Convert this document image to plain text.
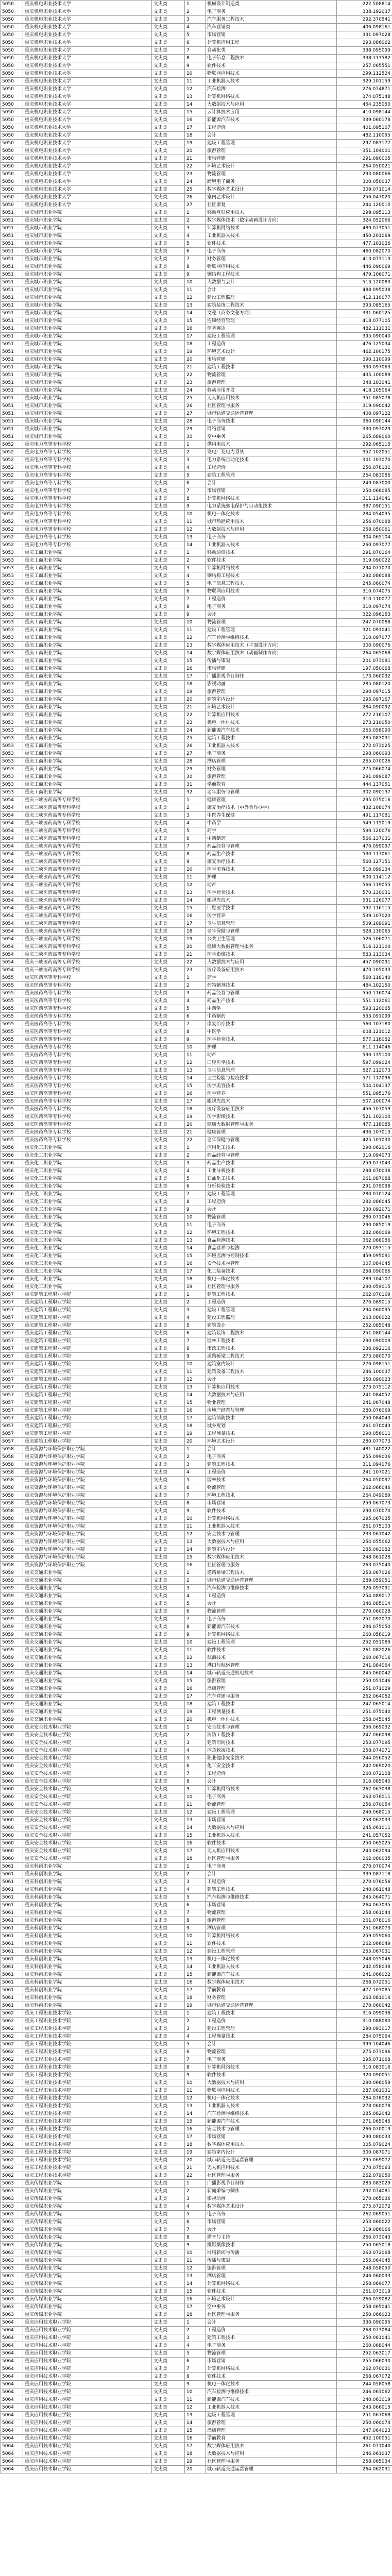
5050	重庆机电职业技术大学	文史类	1	机械设计制造类	222.508814
5050	重庆机电职业技术大学	文史类	2	电子商务	338.192037
5050	重庆机电职业技术大学	文史类	3	汽车服务工程技术	292.370541
5050	重庆机电职业技术大学	文史类	4	汽车营销类	406.098161
5050	重庆机电职业技术大学	文史类	5	市场营销	331.097028
5050	重庆机电职业技术大学	文史类	6	计算机应用工程	293.086062
5050	重庆机电职业技术大学	文史类	7	自动化类	338.095099
5050	重庆机电职业技术大学	文史类	8	电子信息工程技术	338.113582
5050	重庆机电职业技术大学	文史类	9	软件技术	257.065551
5050	重庆机电职业技术大学	文史类	10	物联网应用技术	299.112524
5050	重庆机电职业技术大学	文史类	11	工业机器人技术	329.101159
5050	重庆机电职业技术大学	文史类	12	汽车检测	276.074871
5050	重庆机电职业技术大学	文史类	13	计算机网络技术	374.075148
5050	重庆机电职业技术大学	文史类	14	大数据技术与应用	454.235050
5050	重庆机电职业技术大学	文史类	15	云计算技术应用	410.098144
5050	重庆机电职业技术大学	文史类	16	新能源汽车技术	339.060178
5050	重庆机电职业技术大学	文史类	17	工程造价	401.095107
5050	重庆机电职业技术大学	文史类	18	会计	482.110095
5050	重庆机电职业技术大学	文史类	19	建设工程管理	297.083177
5050	重庆机电职业技术大学	文史类	20	旅游管理	351.104001
5050	重庆机电职业技术大学	文史类	21	市场营销	291.090005
5050	重庆机电职业技术大学	文史类	22	环境艺术设计	264.050021
5050	重庆机电职业技术大学	文史类	23	物流管理	293.080066
5050	重庆机电职业技术大学	文史类	24	跨境电子商务	300.050037
5050	重庆机电职业技术大学	文史类	25	数字媒体艺术设计	309.071014
5050	重庆机电职业技术大学	文史类	26	室内艺术设计	256.047020
5050	重庆机电职业技术大学	文史类	27	社区康复	244.120010
5051	重庆城市职业学院	文史类	1	移动互联应用技术	299.095113
5051	重庆城市职业学院	文史类	2	数字媒体技术（数字动画设计方向）	324.052066
5051	重庆城市职业学院	文史类	3	计算机网络技术	489.073051
5051	重庆城市职业学院	文史类	4	工业机器人技术	450.201069
5051	重庆城市职业学院	文史类	5	软件技术	477.101026
5051	重庆城市职业学院	文史类	6	电子商务	460.082070
5051	重庆城市职业学院	文史类	7	财务管理	413.073113
5051	重庆城市职业学院	文史类	8	物联网应用技术	446.090069
5051	重庆城市职业学院	文史类	9	钢结构工程技术	479.106071
5051	重庆城市职业学院	文史类	10	大数据与会计	513.120083
5051	重庆城市职业学院	文史类	11	会计	488.095038
5051	重庆城市职业学院	文史类	12	建设工程监理	412.110077
5051	重庆城市职业学院	文史类	13	建筑装饰工程技术	393.085165
5051	重庆城市职业学院	文史类	14	文秘（商务文秘方向）	331.060125
5051	重庆城市职业学院	文史类	15	连锁经营管理	418.077105
5051	重庆城市职业学院	文史类	16	商务英语	482.111031
5051	重庆城市职业学院	文史类	17	建设工程管理	395.090040
5051	重庆城市职业学院	文史类	18	工程造价	476.125034
5051	重庆城市职业学院	文史类	19	环境艺术设计	462.100175
5051	重庆城市职业学院	文史类	20	市场营销	390.110099
5051	重庆城市职业学院	文史类	21	建筑工程技术	330.097063
5051	重庆城市职业学院	文史类	22	物流管理	435.100089
5051	重庆城市职业学院	文史类	23	旅游管理	348.103041
5051	重庆城市职业学院	文史类	24	移动应用开发	418.105064
5051	重庆城市职业学院	文史类	25	无人机应用技术	351.085078
5051	重庆城市职业学院	文史类	26	社区管理与服务	319.090042
5051	重庆城市职业学院	文史类	27	城市轨道交通运营管理	400.097122
5051	重庆城市职业学院	文史类	28	电子商务技术	360.090144
5051	重庆城市职业学院	文史类	29	网络营销	330.097029
5051	重庆城市职业学院	文史类	30	空中乘务	265.089060
5052	重庆电力高等专科学校	文史类	1	供用电技术	292.065115
5052	重庆电力高等专科学校	文史类	2	发电厂及电力系统	357.102051
5052	重庆电力高等专科学校	文史类	3	电力系统自动化技术	301.103070
5052	重庆电力高等专科学校	文史类	4	工程造价	256.078131
5052	重庆电力高等专科学校	文史类	5	建筑工程管理	264.083086
5052	重庆电力高等专科学校	文史类	6	会计	249.087000
5052	重庆电力高等专科学校	文史类	7	市场营销	250.068085
5052	重庆电力高等专科学校	文史类	8	计算机网络技术	311.114041
5052	重庆电力高等专科学校	文史类	9	电力系统继电保护与自动化技术	387.090151
5052	重庆电力高等专科学校	文史类	10	机电一体化技术	284.054035
5052	重庆电力高等专科学校	文史类	11	城市热能应用技术	256.070088
5052	重庆电力高等专科学校	文史类	12	大数据技术与应用	258.050061
5052	重庆电力高等专科学校	文史类	13	电子商务	304.065104
5052	重庆电力高等专科学校	文史类	14	工业机器人技术	260.097077
5053	重庆工商职业学院	文史类	1	移动通信技术	291.070164
5053	重庆工商职业学院	文史类	2	软件技术	319.090022
5053	重庆工商职业学院	文史类	3	计算机网络技术	294.071070
5053	重庆工商职业学院	文史类	4	钢结构工程技术	292.086088
5053	重庆工商职业学院	文史类	5	电子信息工程技术	245.060074
5053	重庆工商职业学院	文史类	6	物联网应用技术	310.074075
5053	重庆工商职业学院	文史类	7	工程造价	310.110077
5053	重庆工商职业学院	文史类	8	电子商务	310.097074
5053	重庆工商职业学院	文史类	9	会计	322.096153
5053	重庆工商职业学院	文史类	10	物流管理	247.070088
5053	重庆工商职业学院	文史类	11	建设工程管理	321.091041
5053	重庆工商职业学院	文史类	12	汽车检测与维修技术	310.097077
5053	重庆工商职业学院	文史类	13	数字媒体应用技术（平面设计方向）	300.090076
5053	重庆工商职业学院	文史类	14	数字媒体应用技术（动画制作方向）	264.065068
5053	重庆工商职业学院	文史类	15	传播与策划	201.073081
5053	重庆工商职业学院	文史类	16	市场营销	197.050068
5053	重庆工商职业学院	文史类	17	广播影视节目制作	173.060032
5053	重庆工商职业学院	文史类	18	影视动画	285.080120
5053	重庆工商职业学院	文史类	19	旅游管理	290.097015
5053	重庆工商职业学院	文史类	20	建筑室内设计	295.097167
5053	重庆工商职业学院	文史类	21	环境艺术设计	284.090092
5053	重庆工商职业学院	文史类	22	计算机应用技术	272.216107
5053	重庆工商职业学院	文史类	23	机电一体化技术	273.210050
5053	重庆工商职业学院	文史类	24	新能源汽车技术	265.058090
5053	重庆工商职业学院	文史类	25	建筑工程技术	285.083031
5053	重庆工商职业学院	文史类	26	工业机器人技术	272.073025
5053	重庆工商职业学院	文史类	27	电子商务	298.060093
5053	重庆工商职业学院	文史类	28	酒店管理	265.070026
5053	重庆工商职业学院	文史类	29	财务管理	275.066074
5053	重庆工商职业学院	文史类	30	旅游管理	291.089087
5053	重庆工商职业学院	文史类	31	学前教育	444.137051
5053	重庆工商职业学院	文史类	32	老年服务与管理	302.090137
5054	重庆三峡医药高等专科学校	文史类	1	健康管理	295.075016
5054	重庆三峡医药高等专科学校	文史类	2	康复治疗技术（中外合作办学）	432.108074
5054	重庆三峡医药高等专科学校	文史类	3	中医养生保健	491.117081
5054	重庆三峡医药高等专科学校	文史类	4	中药学	549.115019
5054	重庆三峡医药高等专科学校	文史类	5	药学	590.120076
5054	重庆三峡医药高等专科学校	文史类	6	中药制药	566.137031
5054	重庆三峡医药高等专科学校	文史类	7	药品经营与管理	476.099097
5054	重庆三峡医药高等专科学校	文史类	8	药品生产技术	530.117061
5054	重庆三峡医药高等专科学校	文史类	9	康复治疗技术	560.127151
5054	重庆三峡医药高等专科学校	文史类	10	医学美容技术	510.099134
5054	重庆三峡医药高等专科学校	文史类	11	护理	600.114112
5054	重庆三峡医药高等专科学校	文史类	12	助产	566.119055
5054	重庆三峡医药高等专科学校	文史类	13	医学检验技术	570.130031
5054	重庆三峡医药高等专科学校	文史类	14	眼视光技术	531.126077
5054	重庆三峡医药高等专科学校	文史类	15	口腔医学技术	592.116115
5054	重庆三峡医药高等专科学校	文史类	16	医学营养	539.107020
5054	重庆三峡医药高等专科学校	文史类	17	卫生信息管理	509.109091
5054	重庆三峡医药高等专科学校	文史类	18	老年保健与管理	528.130065
5054	重庆三峡医药高等专科学校	文史类	19	公共卫生管理	526.106071
5054	重庆三峡医药高等专科学校	文史类	20	健康大数据管理与服务	516.121100
5054	重庆三峡医药高等专科学校	文史类	21	医学影像技术	583.113034
5054	重庆三峡医药高等专科学校	文史类	22	大数据技术与应用	457.090091
5054	重庆三峡医药高等专科学校	文史类	23	医疗设备应用技术	470.105033
5055	重庆医药高等专科学校	文史类	1	药学	560.118140
5055	重庆医药高等专科学校	文史类	2	药物制剂技术	484.102150
5055	重庆医药高等专科学校	文史类	3	药品经营与管理	550.116074
5055	重庆医药高等专科学校	文史类	4	药品生产技术	551.112061
5055	重庆医药高等专科学校	文史类	5	中药学	593.120065
5055	重庆医药高等专科学校	文史类	6	中药制药	533.091099
5055	重庆医药高等专科学校	文史类	7	康复治疗技术	560.107180
5055	重庆医药高等专科学校	文史类	8	中医学	608.121012
5055	重庆医药高等专科学校	文史类	9	医学检验技术	577.118082
5055	重庆医药高等专科学校	文史类	10	护理	611.114046
5055	重庆医药高等专科学校	文史类	11	助产	590.135100
5055	重庆医药高等专科学校	文史类	12	口腔医学技术	597.099024
5055	重庆医药高等专科学校	文史类	13	卫生信息管理	527.112073
5055	重庆医药高等专科学校	文史类	14	卫生检验与检疫技术	571.112096
5055	重庆医药高等专科学校	文史类	15	医学美容技术	504.104137
5055	重庆医药高等专科学校	文史类	16	医学营养	551.095176
5055	重庆医药高等专科学校	文史类	17	眼视光技术	507.100074
5055	重庆医药高等专科学校	文史类	18	医疗设备应用技术	456.107059
5055	重庆医药高等专科学校	文史类	19	医学影像技术	521.102100
5055	重庆医药高等专科学校	文史类	20	健康大数据管理与服务	477.118085
5055	重庆医药高等专科学校	文史类	21	健康管理	436.107013
5055	重庆医药高等专科学校	文史类	22	老年保健与管理	425.101030
5056	重庆化工职业学院	文史类	1	应用化工技术	290.062016
5056	重庆化工职业学院	文史类	2	药品经营与管理	310.094073
5056	重庆化工职业学院	文史类	3	药品生产技术	259.077043
5056	重庆化工职业学院	文史类	4	工业分析技术	298.070038
5056	重庆化工职业学院	文史类	5	石油化工技术	261.087088
5056	重庆化工职业学院	文史类	6	分析检验技术	291.079098
5056	重庆化工职业学院	文史类	7	建设工程管理	280.070124
5056	重庆化工职业学院	文史类	8	工程造价	282.086045
5056	重庆化工职业学院	文史类	9	会计	330.092071
5056	重庆化工职业学院	文史类	10	物流管理	280.071046
5056	重庆化工职业学院	文史类	11	电子商务	290.085019
5056	重庆化工职业学院	文史类	12	环境工程技术	282.060069
5056	重庆化工职业学院	文史类	13	食品检测技术	362.088086
5056	重庆化工职业学院	文史类	14	食品营养与检测	270.093115
5056	重庆化工职业学院	文史类	15	环境监测与控制技术	459.095091
5056	重庆化工职业学院	文史类	16	安全技术与管理	307.084045
5056	重庆化工职业学院	文史类	17	化工装备技术	258.090066
5056	重庆化工职业学院	文史类	18	机电一体化技术	289.104107
5056	重庆化工职业学院	文史类	19	社区管理与服务	290.059015
5057	重庆建筑工程职业学院	文史类	1	建筑工程技术	262.070109
5057	重庆建筑工程职业学院	文史类	2	工程造价	276.089015
5057	重庆建筑工程职业学院	文史类	3	建设工程管理	294.060095
5057	重庆建筑工程职业学院	文史类	4	建设工程监理	263.080022
5057	重庆建筑工程职业学院	文史类	5	建筑设计	252.085048
5057	重庆建筑工程职业学院	文史类	6	建筑装饰工程技术	251.080144
5057	重庆建筑工程职业学院	文史类	7	园林工程技术	290.090009
5057	重庆建筑工程职业学院	文史类	8	市政工程技术	236.092116
5057	重庆建筑工程职业学院	文史类	9	道路桥梁工程技术	273.080070
5057	重庆建筑工程职业学院	文史类	10	建筑室内设计	276.098151
5057	重庆建筑工程职业学院	文史类	11	建筑设备工程技术	246.100037
5057	重庆建筑工程职业学院	文史类	12	会计	350.090023
5057	重庆建筑工程职业学院	文史类	13	计算机应用技术	273.075112
5057	重庆建筑工程职业学院	文史类	14	大数据技术与应用	241.084052
5057	重庆建筑工程职业学院	文史类	15	物业管理	241.067048
5057	重庆建筑工程职业学院	文史类	16	房地产经营与管理	280.076069
5057	重庆建筑工程职业学院	文史类	17	建筑消防技术	250.084043
5057	重庆建筑工程职业学院	文史类	18	城乡规划	261.070043
5057	重庆建筑工程职业学院	文史类	19	工程测量技术	290.056011
5057	重庆建筑工程职业学院	文史类	20	环境艺术设计	280.077073
5058	重庆资源与环境保护职业学院	文史类	1	会计	481.140022
5058	重庆资源与环境保护职业学院	文史类	2	电子商务	255.099036
5058	重庆资源与环境保护职业学院	文史类	3	建筑工程技术	311.094076
5058	重庆资源与环境保护职业学院	文史类	4	工程造价	241.107021
5058	重庆资源与环境保护职业学院	文史类	5	园林技术	264.050097
5058	重庆资源与环境保护职业学院	文史类	6	物流管理	262.066046
5058	重庆资源与环境保护职业学院	文史类	7	环境工程技术	264.049089
5058	重庆资源与环境保护职业学院	文史类	8	市场营销	259.067073
5058	重庆资源与环境保护职业学院	文史类	9	软件技术	290.070070
5058	重庆资源与环境保护职业学院	文史类	10	计算机网络技术	295.067035
5058	重庆资源与环境保护职业学院	文史类	11	工业机器人技术	261.075103
5058	重庆资源与环境保护职业学院	文史类	12	安全技术与管理	233.061042
5058	重庆资源与环境保护职业学院	文史类	13	大数据技术与应用	254.055062
5058	重庆资源与环境保护职业学院	文史类	14	建筑室内设计	285.063082
5058	重庆资源与环境保护职业学院	文史类	15	数字媒体应用技术	248.061028
5058	重庆资源与环境保护职业学院	文史类	16	社区管理与服务	263.075040
5059	重庆交通职业学院	文史类	1	道路桥梁工程技术	253.067026
5059	重庆交通职业学院	文史类	2	城市轨道交通运营管理	289.059051
5059	重庆交通职业学院	文史类	3	汽车检测与维修技术	326.093091
5059	重庆交通职业学院	文史类	4	工程造价	254.089017
5059	重庆交通职业学院	文史类	5	会计	346.085014
5059	重庆交通职业学院	文史类	6	物流管理	270.060028
5059	重庆交通职业学院	文史类	7	电子商务	251.092070
5059	重庆交通职业学院	文史类	8	新能源汽车技术	236.075050
5059	重庆交通职业学院	文史类	9	计算机网络技术	260.058019
5059	重庆交通职业学院	文史类	10	建设工程管理	252.051089
5059	重庆交通职业学院	文史类	11	软件技术	261.082026
5059	重庆交通职业学院	文史类	12	航海技术	260.067016
5059	重庆交通职业学院	文史类	13	港口与航运管理	241.084064
5059	重庆交通职业学院	文史类	14	城市轨道交通机电技术	245.060042
5059	重庆交通职业学院	文史类	15	旅游管理	250.051046
5059	重庆交通职业学院	文史类	16	酒店管理	251.071029
5059	重庆交通职业学院	文史类	17	汽车营销与服务	262.064082
5059	重庆交通职业学院	文史类	18	建筑工程技术	247.065014
5059	重庆交通职业学院	文史类	19	工程测量技术	251.075040
5059	重庆交通职业学院	文史类	20	机电一体化技术	258.045045
5060	重庆安全技术职业学院	文史类	1	安全技术与管理	256.069032
5060	重庆安全技术职业学院	文史类	2	消防工程技术	247.066098
5060	重庆安全技术职业学院	文史类	3	建筑消防技术	253.077095
5060	重庆安全技术职业学院	文史类	4	应急救援技术	258.074071
5060	重庆安全技术职业学院	文史类	5	职业健康安全技术	244.056052
5060	重庆安全技术职业学院	文史类	6	化工安全技术	242.069020
5060	重庆安全技术职业学院	文史类	7	工程造价	260.072108
5060	重庆安全技术职业学院	文史类	8	会计	316.085040
5060	重庆安全技术职业学院	文史类	9	计算机网络技术	262.063038
5060	重庆安全技术职业学院	文史类	10	电子商务	263.076011
5060	重庆安全技术职业学院	文史类	11	物流管理	256.070054
5060	重庆安全技术职业学院	文史类	12	建设工程管理	249.068015
5060	重庆安全技术职业学院	文史类	13	市场营销	258.062033
5060	重庆安全技术职业学院	文史类	14	大数据技术与应用	245.061011
5060	重庆安全技术职业学院	文史类	15	工业机器人技术	241.057052
5060	重庆安全技术职业学院	文史类	16	软件技术	250.065025
5060	重庆安全技术职业学院	文史类	17	无人机应用技术	243.062094
5060	重庆安全技术职业学院	文史类	18	社区管理与服务	262.080035
5061	重庆科创职业学院	文史类	1	电子商务	270.070074
5061	重庆科创职业学院	文史类	2	会计	339.087118
5061	重庆科创职业学院	文史类	3	工程造价	270.076056
5061	重庆科创职业学院	文史类	4	建筑工程技术	240.061048
5061	重庆科创职业学院	文史类	5	汽车检测与维修技术	245.064071
5061	重庆科创职业学院	文史类	6	市场营销	264.067035
5061	重庆科创职业学院	文史类	7	物流管理	258.061044
5061	重庆科创职业学院	文史类	8	旅游管理	261.078016
5061	重庆科创职业学院	文史类	9	酒店管理	251.068073
5061	重庆科创职业学院	文史类	10	计算机网络技术	259.059060
5061	重庆科创职业学院	文史类	11	软件技术	262.066049
5061	重庆科创职业学院	文史类	12	建设工程管理	255.067031
5061	重庆科创职业学院	文史类	13	机电一体化技术	248.055046
5061	重庆科创职业学院	文史类	14	工业机器人技术	242.058038
5061	重庆科创职业学院	文史类	15	新能源汽车技术	241.066022
5061	重庆科创职业学院	文史类	16	数字媒体应用技术	268.072051
5061	重庆科创职业学院	文史类	17	学前教育	477.103085
5061	重庆科创职业学院	文史类	18	财务管理	263.081014
5061	重庆科创职业学院	文史类	19	城市轨道交通运营管理	270.060042
5062	重庆工程职业技术学院	文史类	1	建筑工程技术	316.099038
5062	重庆工程职业技术学院	文史类	2	工程造价	310.088080
5062	重庆工程职业技术学院	文史类	3	建设工程管理	290.093017
5062	重庆工程职业技术学院	文史类	4	工程测量技术	284.075064
5062	重庆工程职业技术学院	文史类	5	会计	399.104046
5062	重庆工程职业技术学院	文史类	6	物流管理	275.073096
5062	重庆工程职业技术学院	文史类	7	电子商务	295.071068
5062	重庆工程职业技术学院	文史类	8	计算机网络技术	310.083016
5062	重庆工程职业技术学院	文史类	9	软件技术	320.090051
5062	重庆工程职业技术学院	文史类	10	大数据技术与应用	290.066059
5062	重庆工程职业技术学院	文史类	11	物联网应用技术	287.061031
5062	重庆工程职业技术学院	文史类	12	机电一体化技术	284.078032
5062	重庆工程职业技术学院	文史类	13	工业机器人技术	278.060078
5062	重庆工程职业技术学院	文史类	14	汽车检测与维修技术	285.082042
5062	重庆工程职业技术学院	文史类	15	新能源汽车技术	271.065045
5062	重庆工程职业技术学院	文史类	16	安全技术与管理	266.070019
5062	重庆工程职业技术学院	文史类	17	市场营销	290.080033
5062	重庆工程职业技术学院	文史类	18	数字媒体应用技术	305.079024
5062	重庆工程职业技术学院	文史类	19	建筑室内设计	300.087071
5062	重庆工程职业技术学院	文史类	20	城市轨道交通运营管理	295.069072
5062	重庆工程职业技术学院	文史类	21	无人机应用技术	270.075063
5062	重庆工程职业技术学院	文史类	22	社区管理与服务	262.079050
5063	重庆传媒职业学院	文史类	1	广播影视节目制作	283.083029
5063	重庆传媒职业学院	文史类	2	新闻采编与制作	292.074081
5063	重庆传媒职业学院	文史类	3	影视动画	270.065036
5063	重庆传媒职业学院	文史类	4	数字媒体艺术设计	275.072072
5063	重庆传媒职业学院	文史类	5	电子商务	262.069051
5063	重庆传媒职业学院	文史类	6	市场营销	253.060022
5063	重庆传媒职业学院	文史类	7	会计	319.086066
5063	重庆传媒职业学院	文史类	8	播音与主持	266.073043
5063	重庆传媒职业学院	文史类	9	摄影摄像技术	250.065018
5063	重庆传媒职业学院	文史类	10	网络新闻与传播	263.072068
5063	重庆传媒职业学院	文史类	11	传播与策划	255.064045
5063	重庆传媒职业学院	文史类	12	旅游管理	248.058050
5063	重庆传媒职业学院	文史类	13	酒店管理	246.060033
5063	重庆传媒职业学院	文史类	14	计算机网络技术	258.069077
5063	重庆传媒职业学院	文史类	15	软件技术	261.073019
5063	重庆传媒职业学院	文史类	16	环境艺术设计	266.059082
5063	重庆传媒职业学院	文史类	17	空中乘务	258.065041
5063	重庆传媒职业学院	文史类	18	社区管理与服务	250.066023
5064	重庆应用技术职业学院	文史类	1	会计	330.090095
5064	重庆应用技术职业学院	文史类	2	工程造价	268.073084
5064	重庆应用技术职业学院	文史类	3	建筑工程技术	250.061041
5064	重庆应用技术职业学院	文史类	4	电子商务	260.068044
5064	重庆应用技术职业学院	文史类	5	物流管理	252.063017
5064	重庆应用技术职业学院	文史类	6	市场营销	255.066030
5064	重庆应用技术职业学院	文史类	7	计算机网络技术	262.070031
5064	重庆应用技术职业学院	文史类	8	软件技术	258.067072
5064	重庆应用技术职业学院	文史类	9	机电一体化技术	244.058058
5064	重庆应用技术职业学院	文史类	10	汽车检测与维修技术	246.061062
5064	重庆应用技术职业学院	文史类	11	新能源汽车技术	240.063019
5064	重庆应用技术职业学院	文史类	12	工业机器人技术	243.066015
5064	重庆应用技术职业学院	文史类	13	建设工程管理	251.067068
5064	重庆应用技术职业学院	文史类	14	旅游管理	250.060074
5064	重庆应用技术职业学院	文史类	15	酒店管理	247.064023
5064	重庆应用技术职业学院	文史类	16	学前教育	452.100051
5064	重庆应用技术职业学院	文史类	17	数字媒体应用技术	261.071040
5064	重庆应用技术职业学院	文史类	18	大数据技术与应用	246.061037
5064	重庆应用技术职业学院	文史类	19	社区管理与服务	258.065034
5064	重庆应用技术职业学院	文史类	20	城市轨道交通运营管理	264.062031
